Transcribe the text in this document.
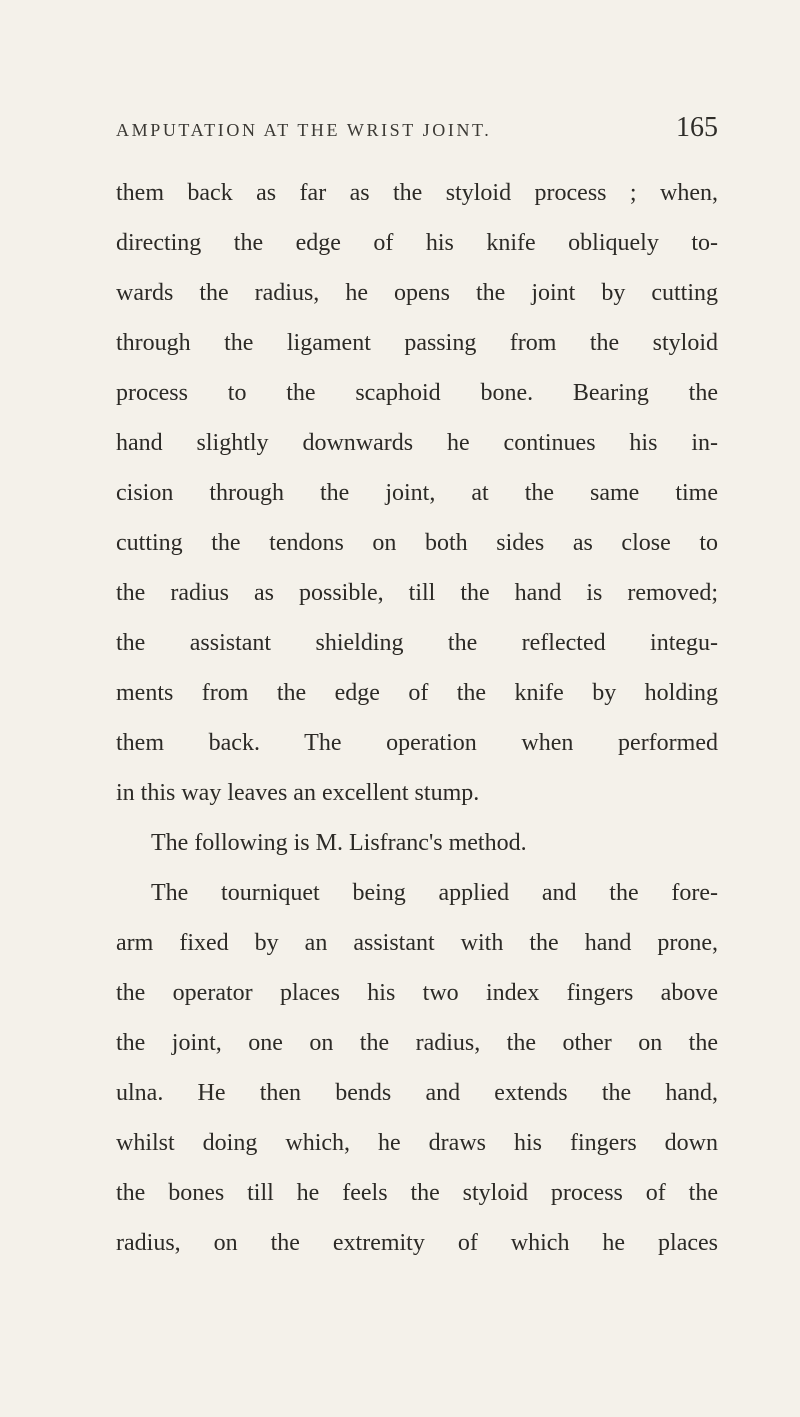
AMPUTATION AT THE WRIST JOINT.	165
them back as far as the styloid process ; when,
directing the edge of his knife obliquely to-
wards the radius, he opens the joint by cutting
through the ligament passing from the styloid
process to the scaphoid bone. Bearing the
hand slightly downwards he continues his in-
cision through the joint, at the same time
cutting the tendons on both sides as close to
the radius as possible, till the hand is removed;
the assistant shielding the reflected integu-
ments from the edge of the knife by holding
them back. The operation when performed
in this way leaves an excellent stump.
The following is M. Lisfranc's method.
The tourniquet being applied and the fore-
arm fixed by an assistant with the hand prone,
the operator places his two index fingers above
the joint, one on the radius, the other on the
ulna. He then bends and extends the hand,
whilst doing which, he draws his fingers down
the bones till he feels the styloid process of the
radius, on the extremity of which he places
